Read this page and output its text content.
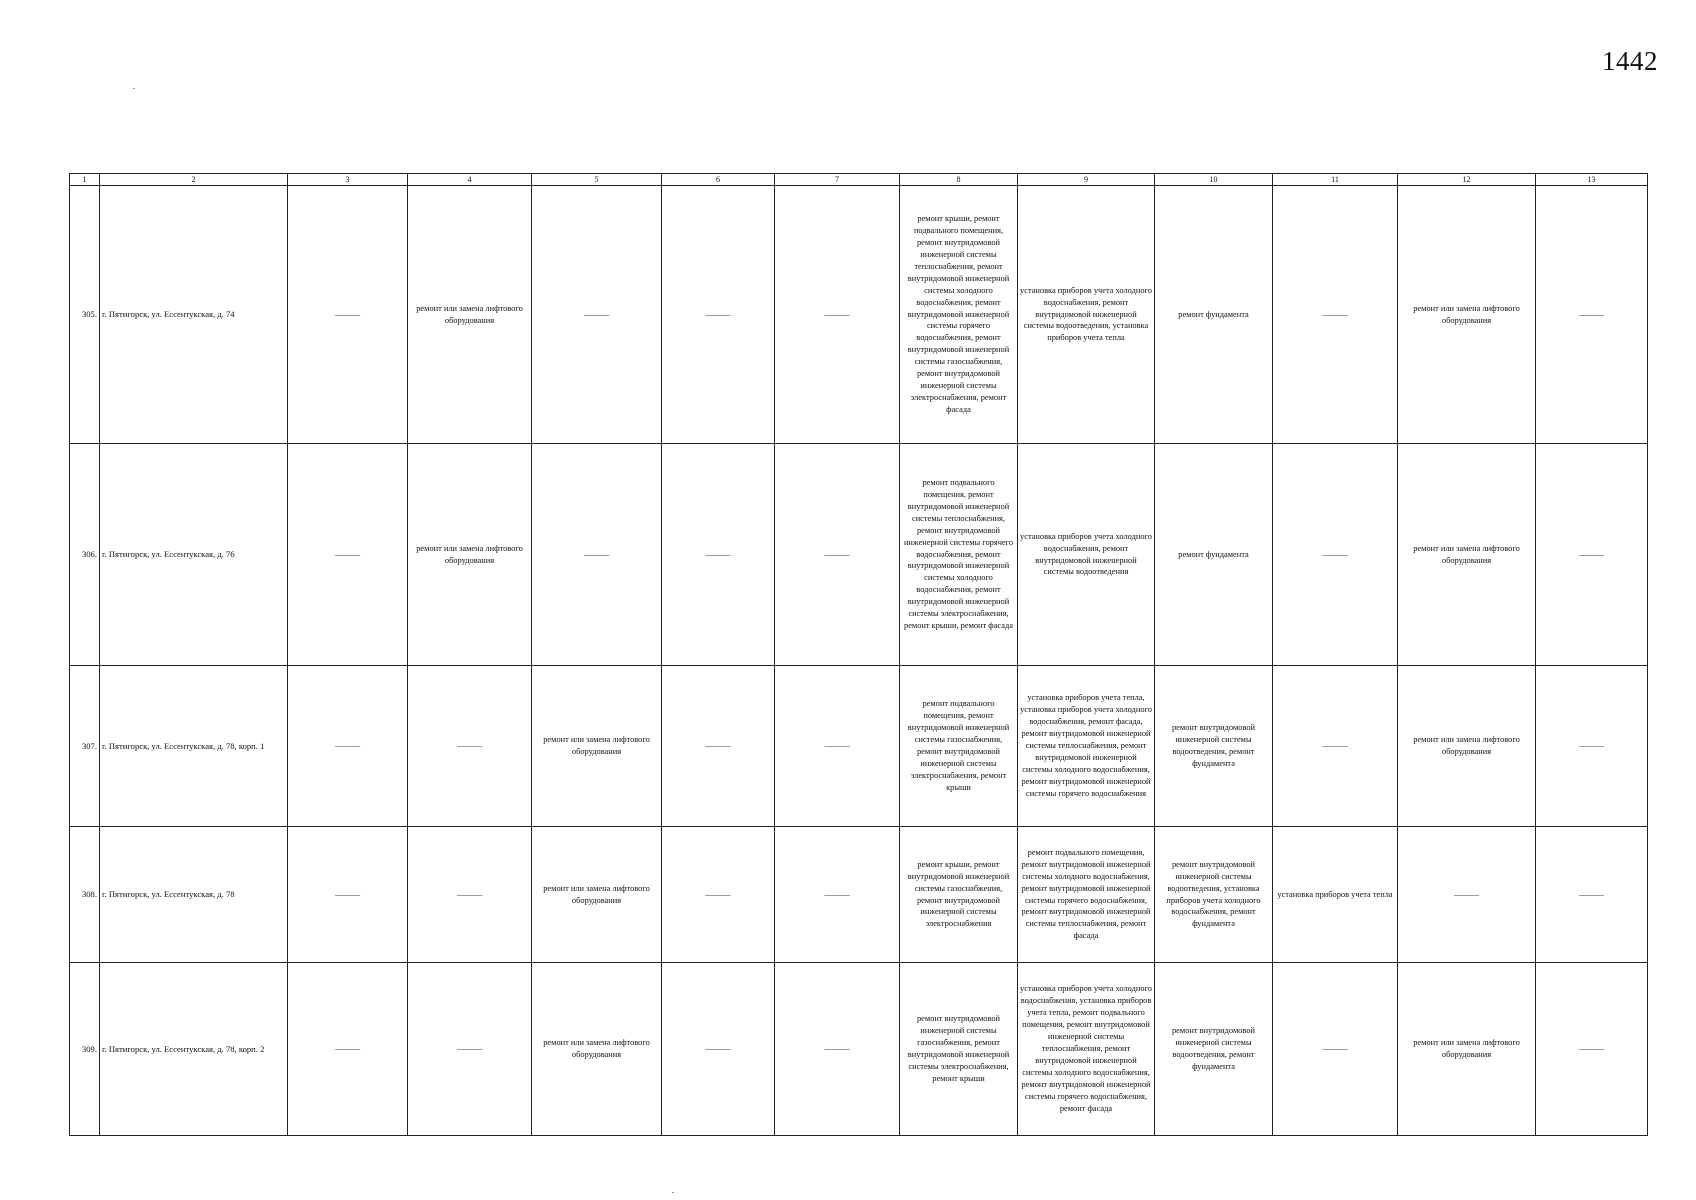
1442
1	2	3	4	5	6	7	8	9	10	11	12	13
305.	г. Пятигорск, ул. Ессентукская, д. 74	———	ремонт или замена лифтового оборудования	———	———	———	ремонт крыши, ремонт подвального помещения, ремонт внутридомовой инженерной системы теплоснабжения, ремонт внутридомовой инженерной системы холодного водоснабжения, ремонт внутридомовой инженерной системы горячего водоснабжения, ремонт внутридомовой инженерной системы газоснабжения, ремонт внутридомовой инженерной системы электроснабжения, ремонт фасада	установка приборов учета холодного водоснабжения, ремонт внутридомовой инженерной системы водоотведения, установка приборов учета тепла	ремонт фундамента	———	ремонт или замена лифтового оборудования	———
306.	г. Пятигорск, ул. Ессентукская, д. 76	———	ремонт или замена лифтового оборудования	———	———	———	ремонт подвального помещения, ремонт внутридомовой инженерной системы теплоснабжения, ремонт внутридомовой инженерной системы горячего водоснабжения, ремонт внутридомовой инженерной системы холодного водоснабжения, ремонт внутридомовой инженерной системы электроснабжения, ремонт крыши, ремонт фасада	установка приборов учета холодного водоснабжения, ремонт внутридомовой инженерной системы водоотведения	ремонт фундамента	———	ремонт или замена лифтового оборудования	———
307.	г. Пятигорск, ул. Ессентукская, д. 78, корп. 1	———	———	ремонт или замена лифтового оборудования	———	———	ремонт подвального помещения, ремонт внутридомовой инженерной системы газоснабжения, ремонт внутридомовой инженерной системы электроснабжения, ремонт крыши	установка приборов учета тепла, установка приборов учета холодного водоснабжения, ремонт фасада, ремонт внутридомовой инженерной системы теплоснабжения, ремонт внутридомовой инженерной системы холодного водоснабжения, ремонт внутридомовой инженерной системы горячего водоснабжения	ремонт внутридомовой инженерной системы водоотведения, ремонт фундамента	———	ремонт или замена лифтового оборудования	———
308.	г. Пятигорск, ул. Ессентукская, д. 78	———	———	ремонт или замена лифтового оборудования	———	———	ремонт крыши, ремонт внутридомовой инженерной системы газоснабжения, ремонт внутридомовой инженерной системы электроснабжения	ремонт подвального помещения, ремонт внутридомовой инженерной системы холодного водоснабжения, ремонт внутридомовой инженерной системы горячего водоснабжения, ремонт внутридомовой инженерной системы теплоснабжения, ремонт фасада	ремонт внутридомовой инженерной системы водоотведения, установка приборов учета холодного водоснабжения, ремонт фундамента	установка приборов учета тепла	———	———
309.	г. Пятигорск, ул. Ессентукская, д. 78, корп. 2	———	———	ремонт или замена лифтового оборудования	———	———	ремонт внутридомовой инженерной системы газоснабжения, ремонт внутридомовой инженерной системы электроснабжения, ремонт крыши	установка приборов учета холодного водоснабжения, установка приборов учета тепла, ремонт подвального помещения, ремонт внутридомовой инженерной системы теплоснабжения, ремонт внутридомовой инженерной системы холодного водоснабжения, ремонт внутридомовой инженерной системы горячего водоснабжения, ремонт фасада	ремонт внутридомовой инженерной системы водоотведения, ремонт фундамента	———	ремонт или замена лифтового оборудования	———
